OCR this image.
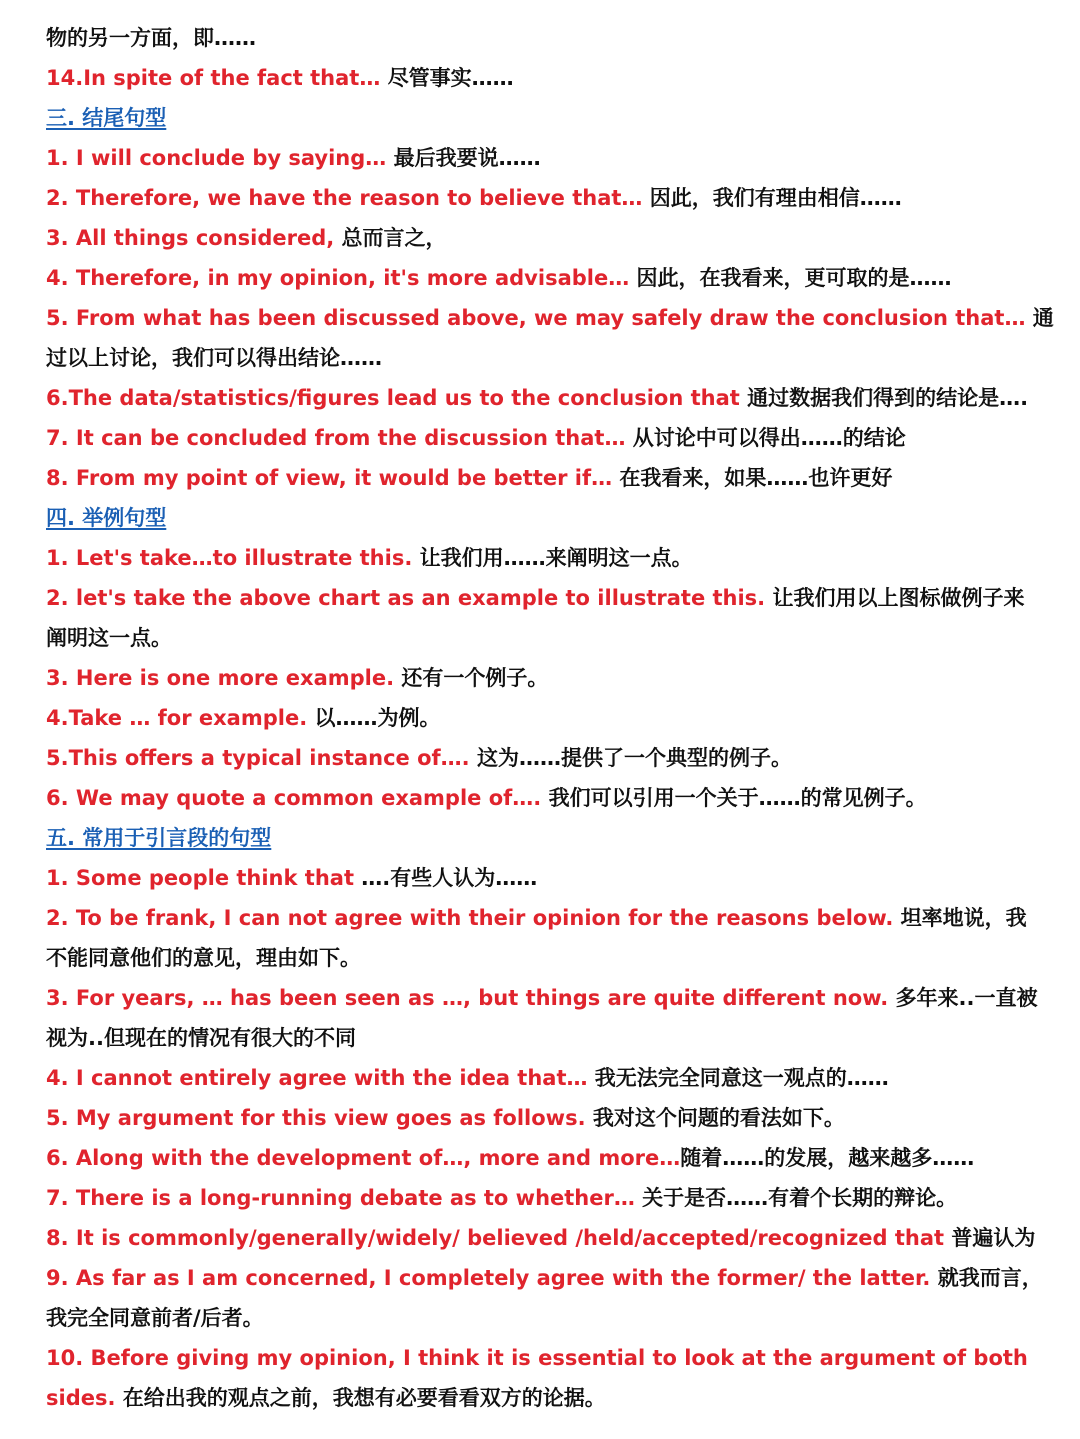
物的另一方面，即……

14.In spite of the fact that… 尽管事实……

三. 结尾句型

1. I will conclude by saying… 最后我要说……

2. Therefore, we have the reason to believe that… 因此，我们有理由相信……

3. All things considered, 总而言之，

4. Therefore, in my opinion, it's more advisable… 因此，在我看来，更可取的是……

5. From what has been discussed above, we may safely draw the conclusion that… 通

过以上讨论，我们可以得出结论……

6.The data/statistics/figures lead us to the conclusion that 通过数据我们得到的结论是….

7. It can be concluded from the discussion that… 从讨论中可以得出……的结论

8. From my point of view, it would be better if… 在我看来，如果……也许更好

四. 举例句型

1. Let's take…to illustrate this. 让我们用……来阐明这一点。

2. let's take the above chart as an example to illustrate this. 让我们用以上图标做例子来

阐明这一点。

3. Here is one more example. 还有一个例子。

4.Take … for example. 以……为例。

5.This offers a typical instance of…. 这为……提供了一个典型的例子。

6. We may quote a common example of…. 我们可以引用一个关于……的常见例子。

五. 常用于引言段的句型

1. Some people think that ….有些人认为……

2. To be frank, I can not agree with their opinion for the reasons below. 坦率地说，我

不能同意他们的意见，理由如下。

3. For years, … has been seen as …, but things are quite different now. 多年来..一直被

视为..但现在的情况有很大的不同

4. I cannot entirely agree with the idea that… 我无法完全同意这一观点的……

5. My argument for this view goes as follows. 我对这个问题的看法如下。

6. Along with the development of…, more and more…随着……的发展，越来越多……

7. There is a long-running debate as to whether… 关于是否……有着个长期的辩论。

8. It is commonly/generally/widely/ believed /held/accepted/recognized that 普遍认为

9. As far as I am concerned, I completely agree with the former/ the latter. 就我而言，

我完全同意前者/后者。

10. Before giving my opinion, I think it is essential to look at the argument of both

sides. 在给出我的观点之前，我想有必要看看双方的论据。
